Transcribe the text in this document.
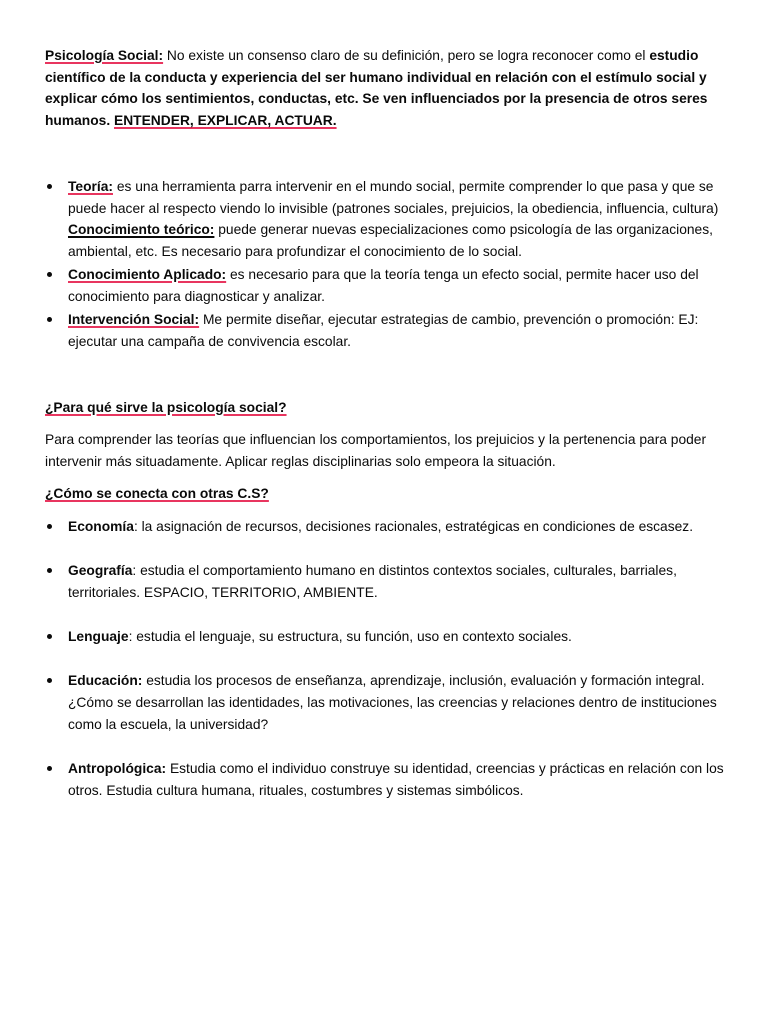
Psicología Social: No existe un consenso claro de su definición, pero se logra reconocer como el estudio científico de la conducta y experiencia del ser humano individual en relación con el estímulo social y explicar cómo los sentimientos, conductas, etc. Se ven influenciados por la presencia de otros seres humanos. ENTENDER, EXPLICAR, ACTUAR.

Teoría: es una herramienta parra intervenir en el mundo social, permite comprender lo que pasa y que se puede hacer al respecto viendo lo invisible (patrones sociales, prejuicios, la obediencia, influencia, cultura) Conocimiento teórico: puede generar nuevas especializaciones como psicología de las organizaciones, ambiental, etc. Es necesario para profundizar el conocimiento de lo social.
Conocimiento Aplicado: es necesario para que la teoría tenga un efecto social, permite hacer uso del conocimiento para diagnosticar y analizar.
Intervención Social: Me permite diseñar, ejecutar estrategias de cambio, prevención o promoción: EJ: ejecutar una campaña de convivencia escolar.

¿Para qué sirve la psicología social?

Para comprender las teorías que influencian los comportamientos, los prejuicios y la pertenencia para poder intervenir más situadamente. Aplicar reglas disciplinarias solo empeora la situación.

¿Cómo se conecta con otras C.S?

Economía: la asignación de recursos, decisiones racionales, estratégicas en condiciones de escasez.
Geografía: estudia el comportamiento humano en distintos contextos sociales, culturales, barriales, territoriales. ESPACIO, TERRITORIO, AMBIENTE.
Lenguaje: estudia el lenguaje, su estructura, su función, uso en contexto sociales.
Educación: estudia los procesos de enseñanza, aprendizaje, inclusión, evaluación y formación integral. ¿Cómo se desarrollan las identidades, las motivaciones, las creencias y relaciones dentro de instituciones como la escuela, la universidad?
Antropológica: Estudia como el individuo construye su identidad, creencias y prácticas en relación con los otros. Estudia cultura humana, rituales, costumbres y sistemas simbólicos.
